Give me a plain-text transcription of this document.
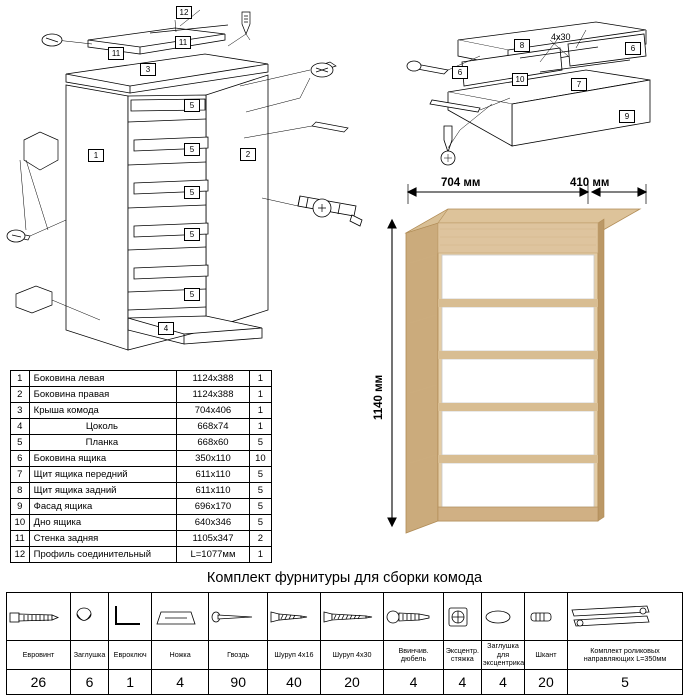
12
11
11
3
1	2
5
5
5
5
5
4
8
4х30
6
6
10
7
9
704 мм	410 мм
1140 мм
1	Боковина левая	1124х388	1
2	Боковина правая	1124х388	1
3	Крыша комода	704х406	1
4	Цоколь	668х74	1
5	Планка	668х60	5
6	Боковина ящика	350х110	10
7	Щит ящика передний	611х110	5
8	Щит ящика задний	611х110	5
9	Фасад ящика	696х170	5
10	Дно ящика	640х346	5
11	Стенка задняя	1105х347	2
12	Профиль соединительный	L=1077мм	1
Комплект фурнитуры для сборки комода

Евровинт	Заглушка	Евроключ	Ножка	Гвоздь	Шуруп 4х16	Шуруп 4х30	Ввинчив. дюбель	Эксцентр. стяжка	Заглушка для эксцентрика	Шкант	Комплект роликовых направляющих L=350мм
26	6	1	4	90	40	20	4	4	4	20	5
